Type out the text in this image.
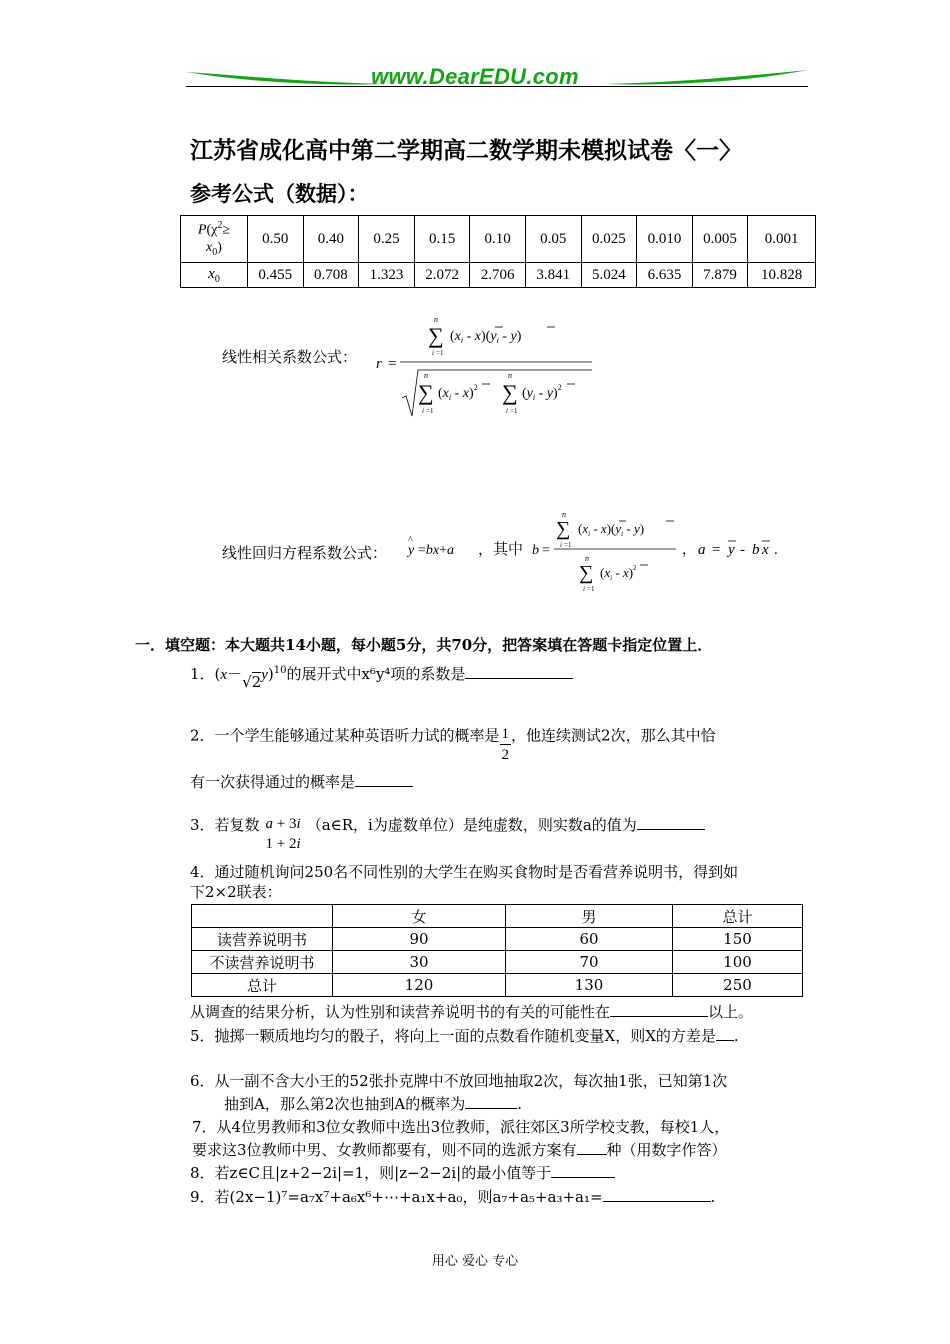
www.DearEDU.com
江苏省成化高中第二学期高二数学期未模拟试卷〈一〉
参考公式（数据）：
$P(\chi^2\ge$
$x_0$)	0.50	0.40	0.25	0.15	0.10	0.05	0.025	0.010	0.005	0.001
$x_0$	0.455	0.708	1.323	2.072	2.706	3.841	5.024	6.635	7.879	10.828
线性相关系数公式： r =
n
∑
i =1
$(x_i - x)(y_i - y)$
n
∑
i =1
$(x_i - x)^2$
n
∑
i =1
$(y_i - y)^2$
线性回归方程系数公式： y
^
=bx+a ，其中 b =
n
∑
i =1
$(x_i - x)(y_i - y)$
n
∑
i =1
$(x_i - x)^2$
， a = y - b x .
一．填空题：本大题共14小题，每小题5分，共70分，把答案填在答题卡指定位置上．
1．$(x-√2y)^{10}$的展开式中x⁶y⁴项的系数是
2．一个学生能够通过某种英语听力试的概率是 $\frac{1}{2}$ ，他连续测试2次，那么其中恰
有一次获得通过的概率是
3．若复数 a + 3i
1 + 2i
（a∈R，i为虚数单位）是纯虚数，则实数a的值为
4．通过随机询问250名不同性别的大学生在购买食物时是否看营养说明书，得到如
下2×2联表：
	女	男	总计
读营养说明书	90	60	150
不读营养说明书	30	70	100
总计	120	130	250
从调查的结果分析，认为性别和读营养说明书的有关的可能性在	以上。
5．抛掷一颗质地均匀的骰子，将向上一面的点数看作随机变量X，则X的方差是 .
6．从一副不含大小王的52张扑克牌中不放回地抽取2次，每次抽1张，已知第1次
抽到A，那么第2次也抽到A的概率为	.
7．从4位男教师和3位女教师中选出3位教师，派往郊区3所学校支教，每校1人，
要求这3位教师中男、女教师都要有，则不同的选派方案有 种（用数字作答）
8．若z∈C且|z+2−2i|=1，则|z−2−2i|的最小值等于
9．若(2x−1)⁷=a₇x⁷+a₆x⁶+⋯+a₁x+a₀，则a₇+a₅+a₃+a₁=	.
用心 爱心 专心
